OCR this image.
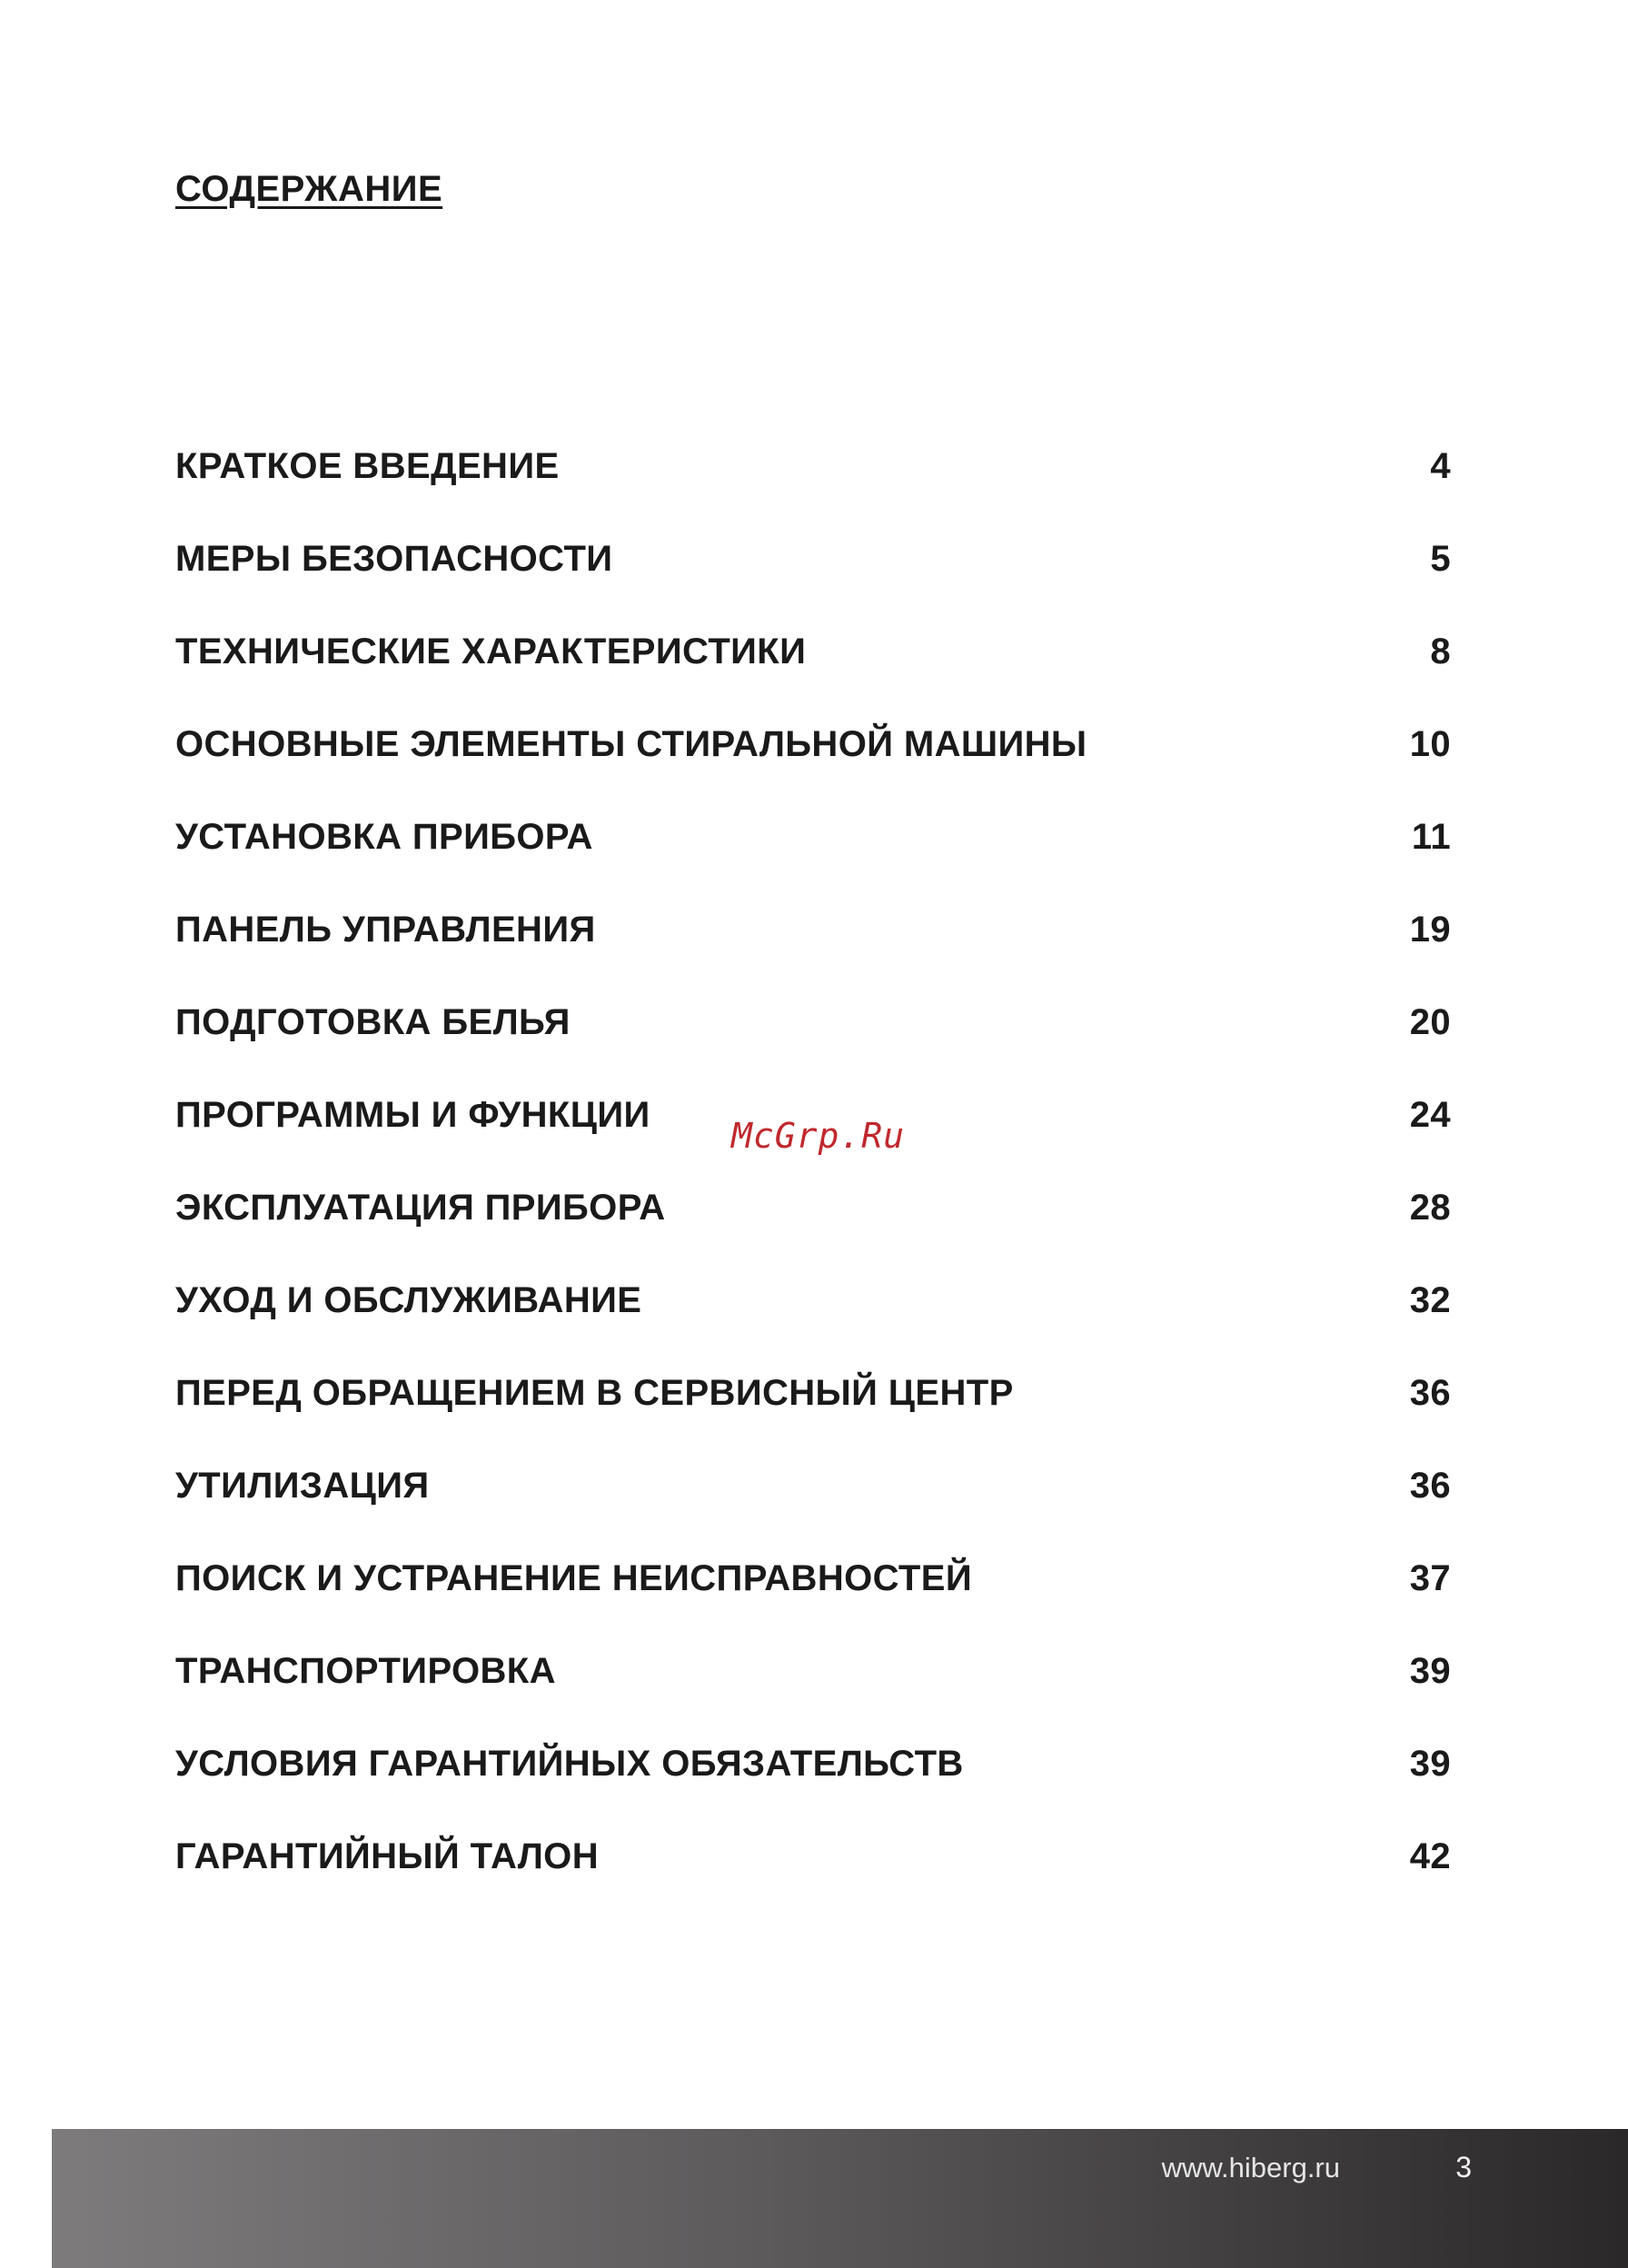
СОДЕРЖАНИЕ
КРАТКОЕ ВВЕДЕНИЕ	4
МЕРЫ БЕЗОПАСНОСТИ	5
ТЕХНИЧЕСКИЕ ХАРАКТЕРИСТИКИ	8
ОСНОВНЫЕ ЭЛЕМЕНТЫ СТИРАЛЬНОЙ МАШИНЫ	10
УСТАНОВКА ПРИБОРА	11
ПАНЕЛЬ УПРАВЛЕНИЯ	19
ПОДГОТОВКА БЕЛЬЯ	20
ПРОГРАММЫ И ФУНКЦИИ	24
ЭКСПЛУАТАЦИЯ ПРИБОРА	28
УХОД И ОБСЛУЖИВАНИЕ	32
ПЕРЕД ОБРАЩЕНИЕМ В СЕРВИСНЫЙ ЦЕНТР	36
УТИЛИЗАЦИЯ	36
ПОИСК И УСТРАНЕНИЕ НЕИСПРАВНОСТЕЙ	37
ТРАНСПОРТИРОВКА	39
УСЛОВИЯ ГАРАНТИЙНЫХ ОБЯЗАТЕЛЬСТВ	39
ГАРАНТИЙНЫЙ ТАЛОН	42
McGrp.Ru
www.hiberg.ru	3
